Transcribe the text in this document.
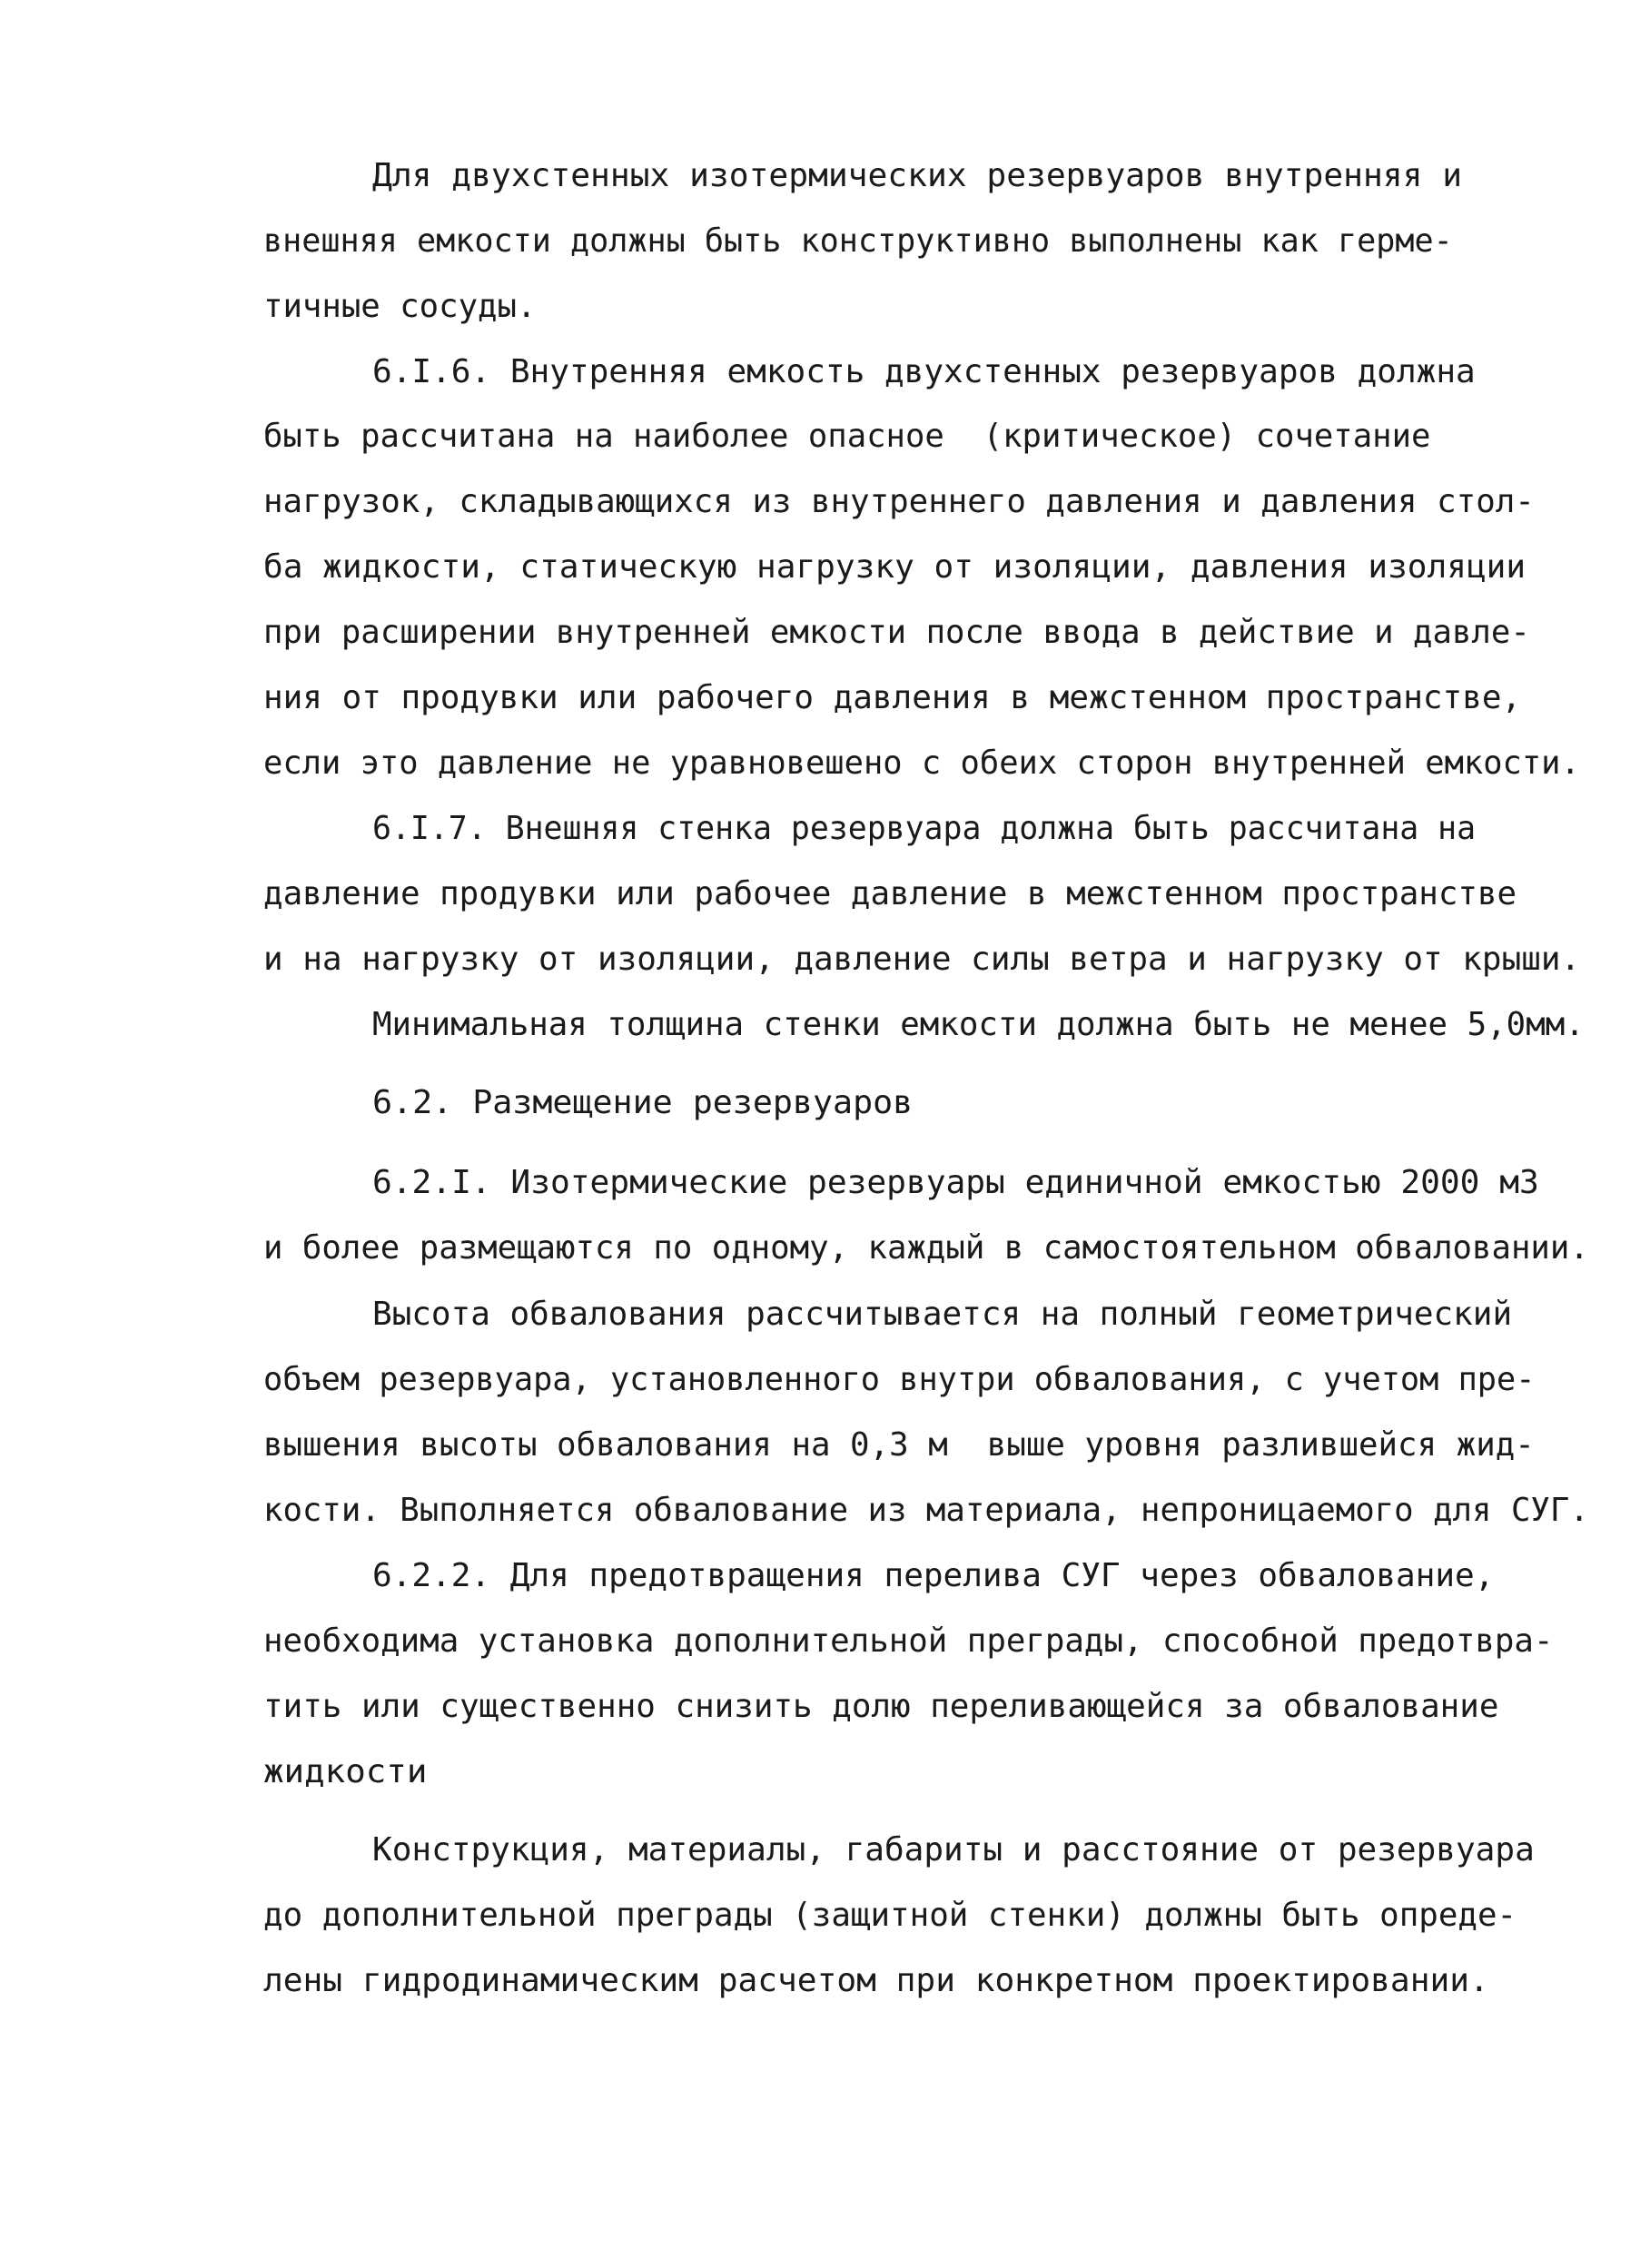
Для двухстенных изотермических резервуаров внутренняя и
внешняя емкости должны быть конструктивно выполнены как герме-
тичные сосуды.
6.I.6. Внутренняя емкость двухстенных резервуаров должна
быть рассчитана на наиболее опасное  (критическое) сочетание
нагрузок, складывающихся из внутреннего давления и давления стол-
ба жидкости, статическую нагрузку от изоляции, давления изоляции
при расширении внутренней емкости после ввода в действие и давле-
ния от продувки или рабочего давления в межстенном пространстве,
если это давление не уравновешено с обеих сторон внутренней емкости.
6.I.7. Внешняя стенка резервуара должна быть рассчитана на
давление продувки или рабочее давление в межстенном пространстве
и на нагрузку от изоляции, давление силы ветра и нагрузку от крыши.
Минимальная толщина стенки емкости должна быть не менее 5,0мм.
6.2. Размещение резервуаров
6.2.I. Изотермические резервуары единичной емкостью 2000 м3
и более размещаются по одному, каждый в самостоятельном обваловании.
Высота обвалования рассчитывается на полный геометрический
объем резервуара, установленного внутри обвалования, с учетом пре-
вышения высоты обвалования на 0,3 м  выше уровня разлившейся жид-
кости. Выполняется обвалование из материала, непроницаемого для СУГ.
6.2.2. Для предотвращения перелива СУГ через обвалование,
необходима установка дополнительной преграды, способной предотвра-
тить или существенно снизить долю переливающейся за обвалование
жидкости
Конструкция, материалы, габариты и расстояние от резервуара
до дополнительной преграды (защитной стенки) должны быть опреде-
лены гидродинамическим расчетом при конкретном проектировании.
